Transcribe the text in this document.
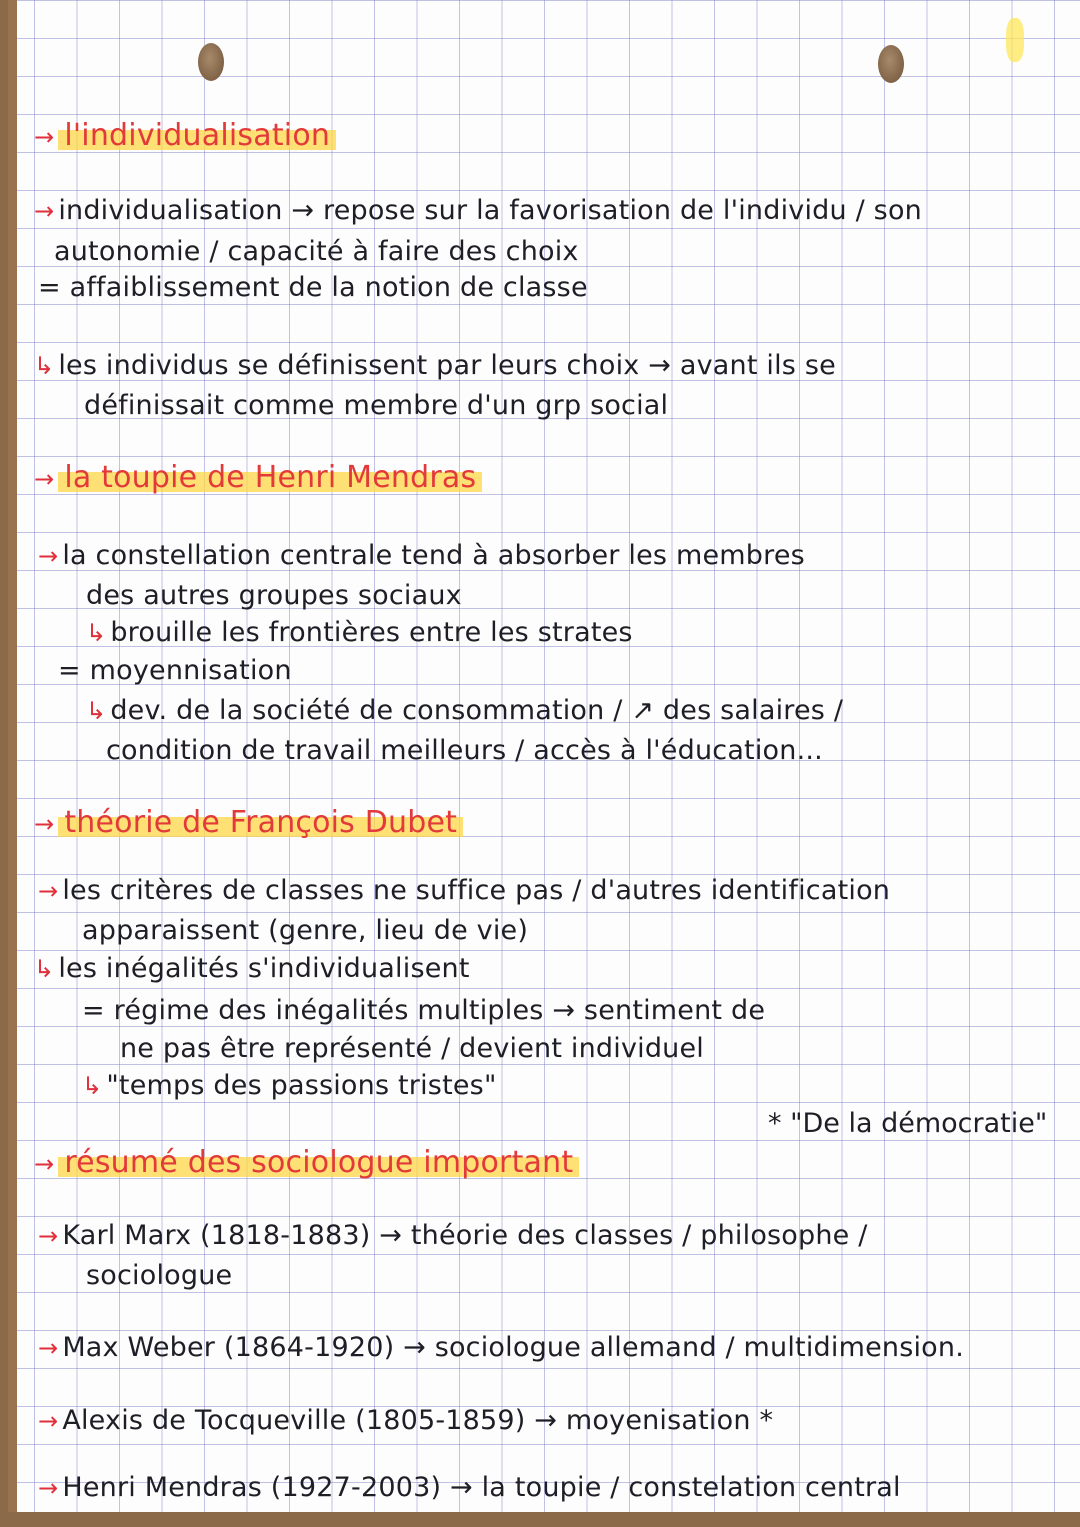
→ l'individualisation
→ individualisation → repose sur la favorisation de l'individu / son
autonomie / capacité à faire des choix
= affaiblissement de la notion de classe
↳ les individus se définissent par leurs choix → avant ils se
définissait comme membre d'un grp social
→ la toupie de Henri Mendras
→ la constellation centrale tend à absorber les membres
des autres groupes sociaux
↳ brouille les frontières entre les strates
= moyennisation
↳ dev. de la société de consommation / ↗ des salaires /
condition de travail meilleurs / accès à l'éducation...
→ théorie de François Dubet
→ les critères de classes ne suffice pas / d'autres identification
apparaissent (genre, lieu de vie)
↳ les inégalités s'individualisent
= régime des inégalités multiples → sentiment de
ne pas être représenté / devient individuel
↳ "temps des passions tristes"
* "De la démocratie"
→ résumé des sociologue important
→ Karl Marx (1818-1883) → théorie des classes / philosophe /
sociologue
→ Max Weber (1864-1920) → sociologue allemand / multidimension.
→ Alexis de Tocqueville (1805-1859) → moyenisation *
→ Henri Mendras (1927-2003) → la toupie / constelation central
